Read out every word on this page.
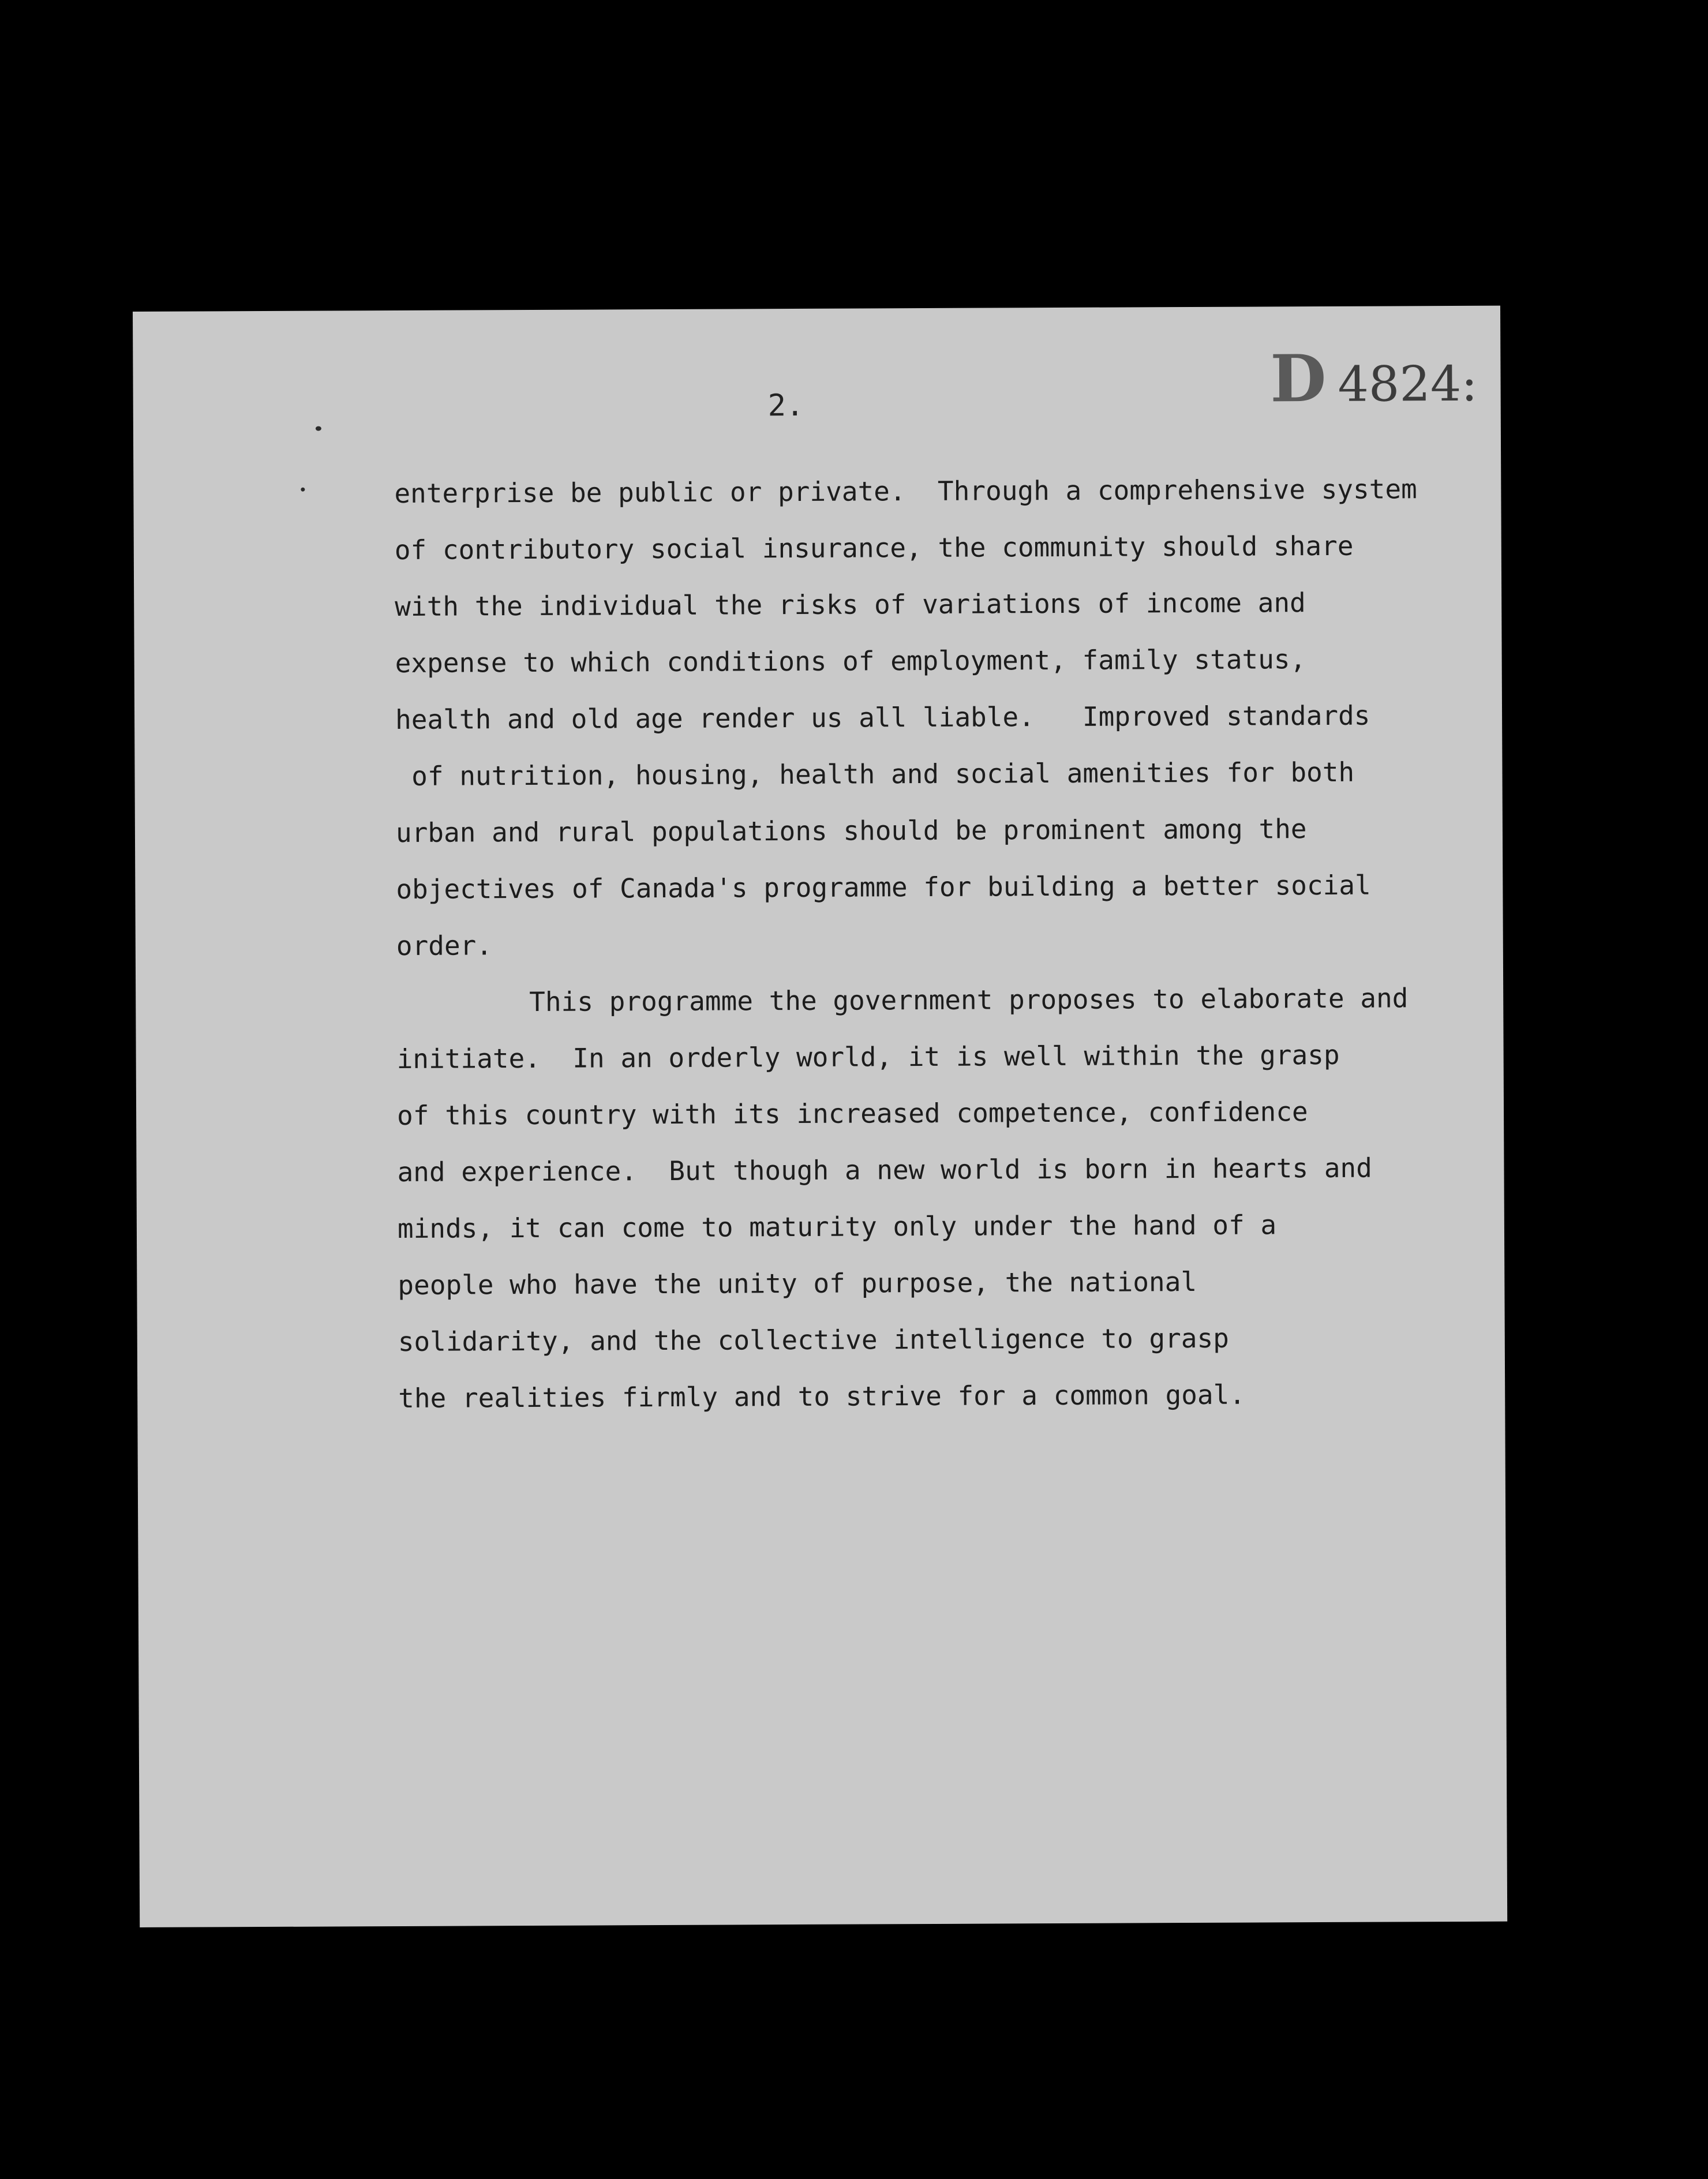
D 4824:
2.
enterprise be public or private.  Through a comprehensive system
of contributory social insurance, the community should share
with the individual the risks of variations of income and
expense to which conditions of employment, family status,
health and old age render us all liable.   Improved standards
of nutrition, housing, health and social amenities for both
urban and rural populations should be prominent among the
objectives of Canada's programme for building a better social
order.
This programme the government proposes to elaborate and
initiate.  In an orderly world, it is well within the grasp
of this country with its increased competence, confidence
and experience.  But though a new world is born in hearts and
minds, it can come to maturity only under the hand of a
people who have the unity of purpose, the national
solidarity, and the collective intelligence to grasp
the realities firmly and to strive for a common goal.
